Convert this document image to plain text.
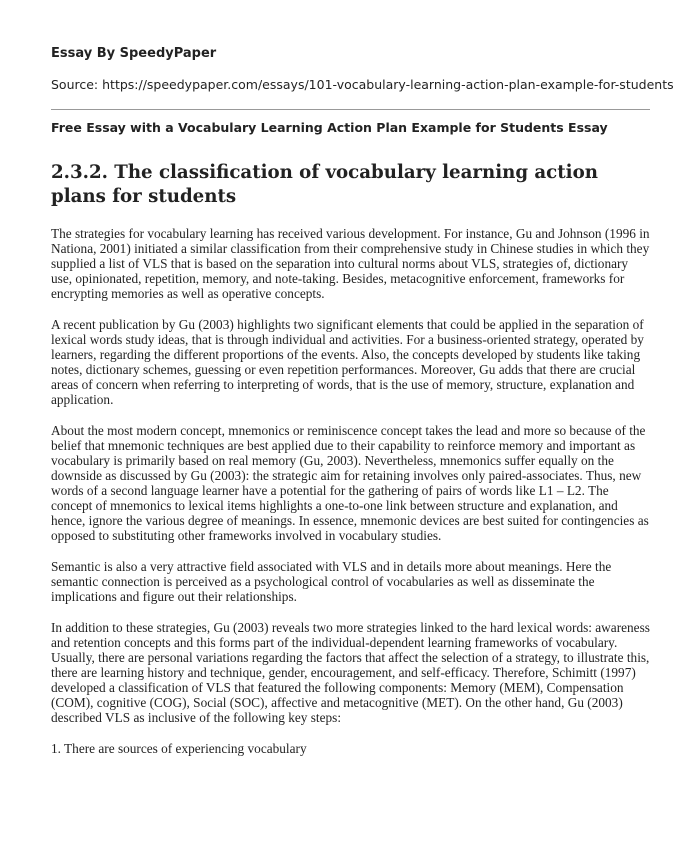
Essay By SpeedyPaper
Source: https://speedypaper.com/essays/101-vocabulary-learning-action-plan-example-for-students
Free Essay with a Vocabulary Learning Action Plan Example for Students Essay
2.3.2. The classification of vocabulary learning action plans for students

The strategies for vocabulary learning has received various development. For instance, Gu and Johnson (1996 in Nationa, 2001) initiated a similar classification from their comprehensive study in Chinese studies in which they supplied a list of VLS that is based on the separation into cultural norms about VLS, strategies of, dictionary use, opinionated, repetition, memory, and note-taking. Besides, metacognitive enforcement, frameworks for encrypting memories as well as operative concepts.

A recent publication by Gu (2003) highlights two significant elements that could be applied in the separation of lexical words study ideas, that is through individual and activities. For a business-oriented strategy, operated by learners, regarding the different proportions of the events. Also, the concepts developed by students like taking notes, dictionary schemes, guessing or even repetition performances. Moreover, Gu adds that there are crucial areas of concern when referring to interpreting of words, that is the use of memory, structure, explanation and application.

About the most modern concept, mnemonics or reminiscence concept takes the lead and more so because of the belief that mnemonic techniques are best applied due to their capability to reinforce memory and important as vocabulary is primarily based on real memory (Gu, 2003). Nevertheless, mnemonics suffer equally on the downside as discussed by Gu (2003): the strategic aim for retaining involves only paired-associates. Thus, new words of a second language learner have a potential for the gathering of pairs of words like L1 – L2. The concept of mnemonics to lexical items highlights a one-to-one link between structure and explanation, and hence, ignore the various degree of meanings. In essence, mnemonic devices are best suited for contingencies as opposed to substituting other frameworks involved in vocabulary studies.

Semantic is also a very attractive field associated with VLS and in details more about meanings. Here the semantic connection is perceived as a psychological control of vocabularies as well as disseminate the implications and figure out their relationships.

In addition to these strategies, Gu (2003) reveals two more strategies linked to the hard lexical words: awareness and retention concepts and this forms part of the individual-dependent learning frameworks of vocabulary. Usually, there are personal variations regarding the factors that affect the selection of a strategy, to illustrate this, there are learning history and technique, gender, encouragement, and self-efficacy. Therefore, Schimitt (1997) developed a classification of VLS that featured the following components: Memory (MEM), Compensation (COM), cognitive (COG), Social (SOC), affective and metacognitive (MET). On the other hand, Gu (2003) described VLS as inclusive of the following key steps:

1. There are sources of experiencing vocabulary
